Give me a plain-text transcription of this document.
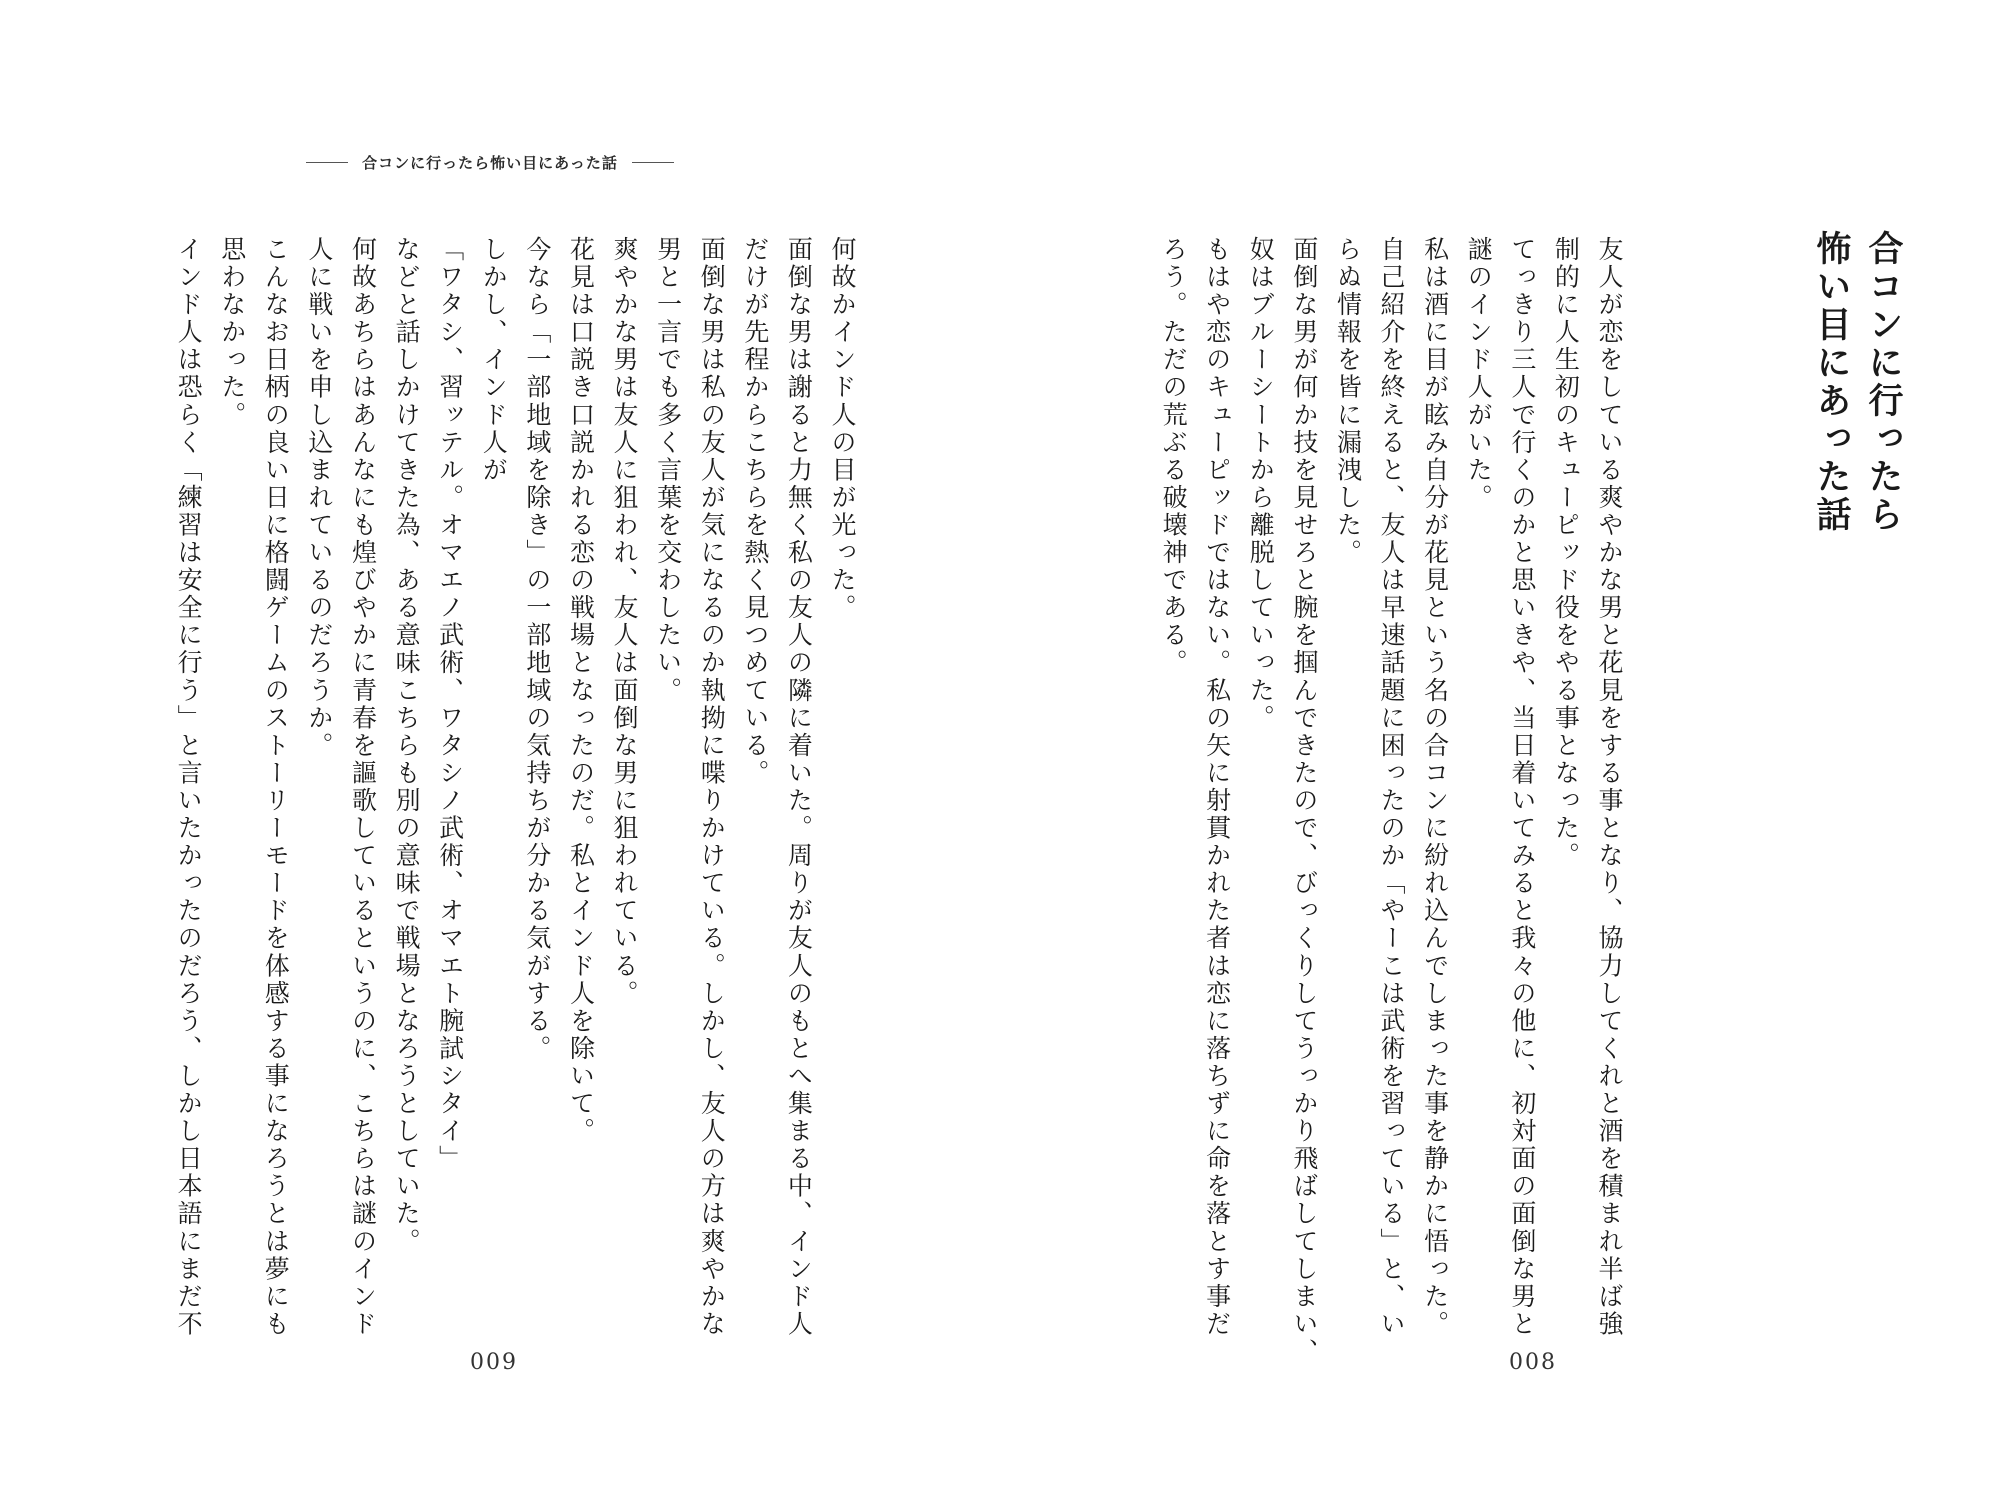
合コンに行ったら怖い目にあった話
何故かインド人の目が光った。
面倒な男は謝ると力無く私の友人の隣に着いた。周りが友人のもとへ集まる中、インド人
だけが先程からこちらを熱く見つめている。
面倒な男は私の友人が気になるのか執拗に喋りかけている。しかし、友人の方は爽やかな
男と一言でも多く言葉を交わしたい。
爽やかな男は友人に狙われ、友人は面倒な男に狙われている。
花見は口説き口説かれる恋の戦場となったのだ。私とインド人を除いて。
今なら「一部地域を除き」の一部地域の気持ちが分かる気がする。
しかし、インド人が
「ワタシ、習ッテル。オマエノ武術、ワタシノ武術、オマエト腕試シタイ」
などと話しかけてきた為、ある意味こちらも別の意味で戦場となろうとしていた。
何故あちらはあんなにも煌びやかに青春を謳歌しているというのに、こちらは謎のインド
人に戦いを申し込まれているのだろうか。
こんなお日柄の良い日に格闘ゲームのストーリーモードを体感する事になろうとは夢にも
思わなかった。
インド人は恐らく「練習は安全に行う」と言いたかったのだろう、しかし日本語にまだ不
009
合コンに行ったら
怖い目にあった話
友人が恋をしている爽やかな男と花見をする事となり、協力してくれと酒を積まれ半ば強
制的に人生初のキューピッド役をやる事となった。
てっきり三人で行くのかと思いきや、当日着いてみると我々の他に、初対面の面倒な男と
謎のインド人がいた。
私は酒に目が眩み自分が花見という名の合コンに紛れ込んでしまった事を静かに悟った。
自己紹介を終えると、友人は早速話題に困ったのか「やーこは武術を習っている」と、い
らぬ情報を皆に漏洩した。
面倒な男が何か技を見せろと腕を掴んできたので、びっくりしてうっかり飛ばしてしまい、
奴はブルーシートから離脱していった。
もはや恋のキューピッドではない。私の矢に射貫かれた者は恋に落ちずに命を落とす事だ
ろう。ただの荒ぶる破壊神である。
008
